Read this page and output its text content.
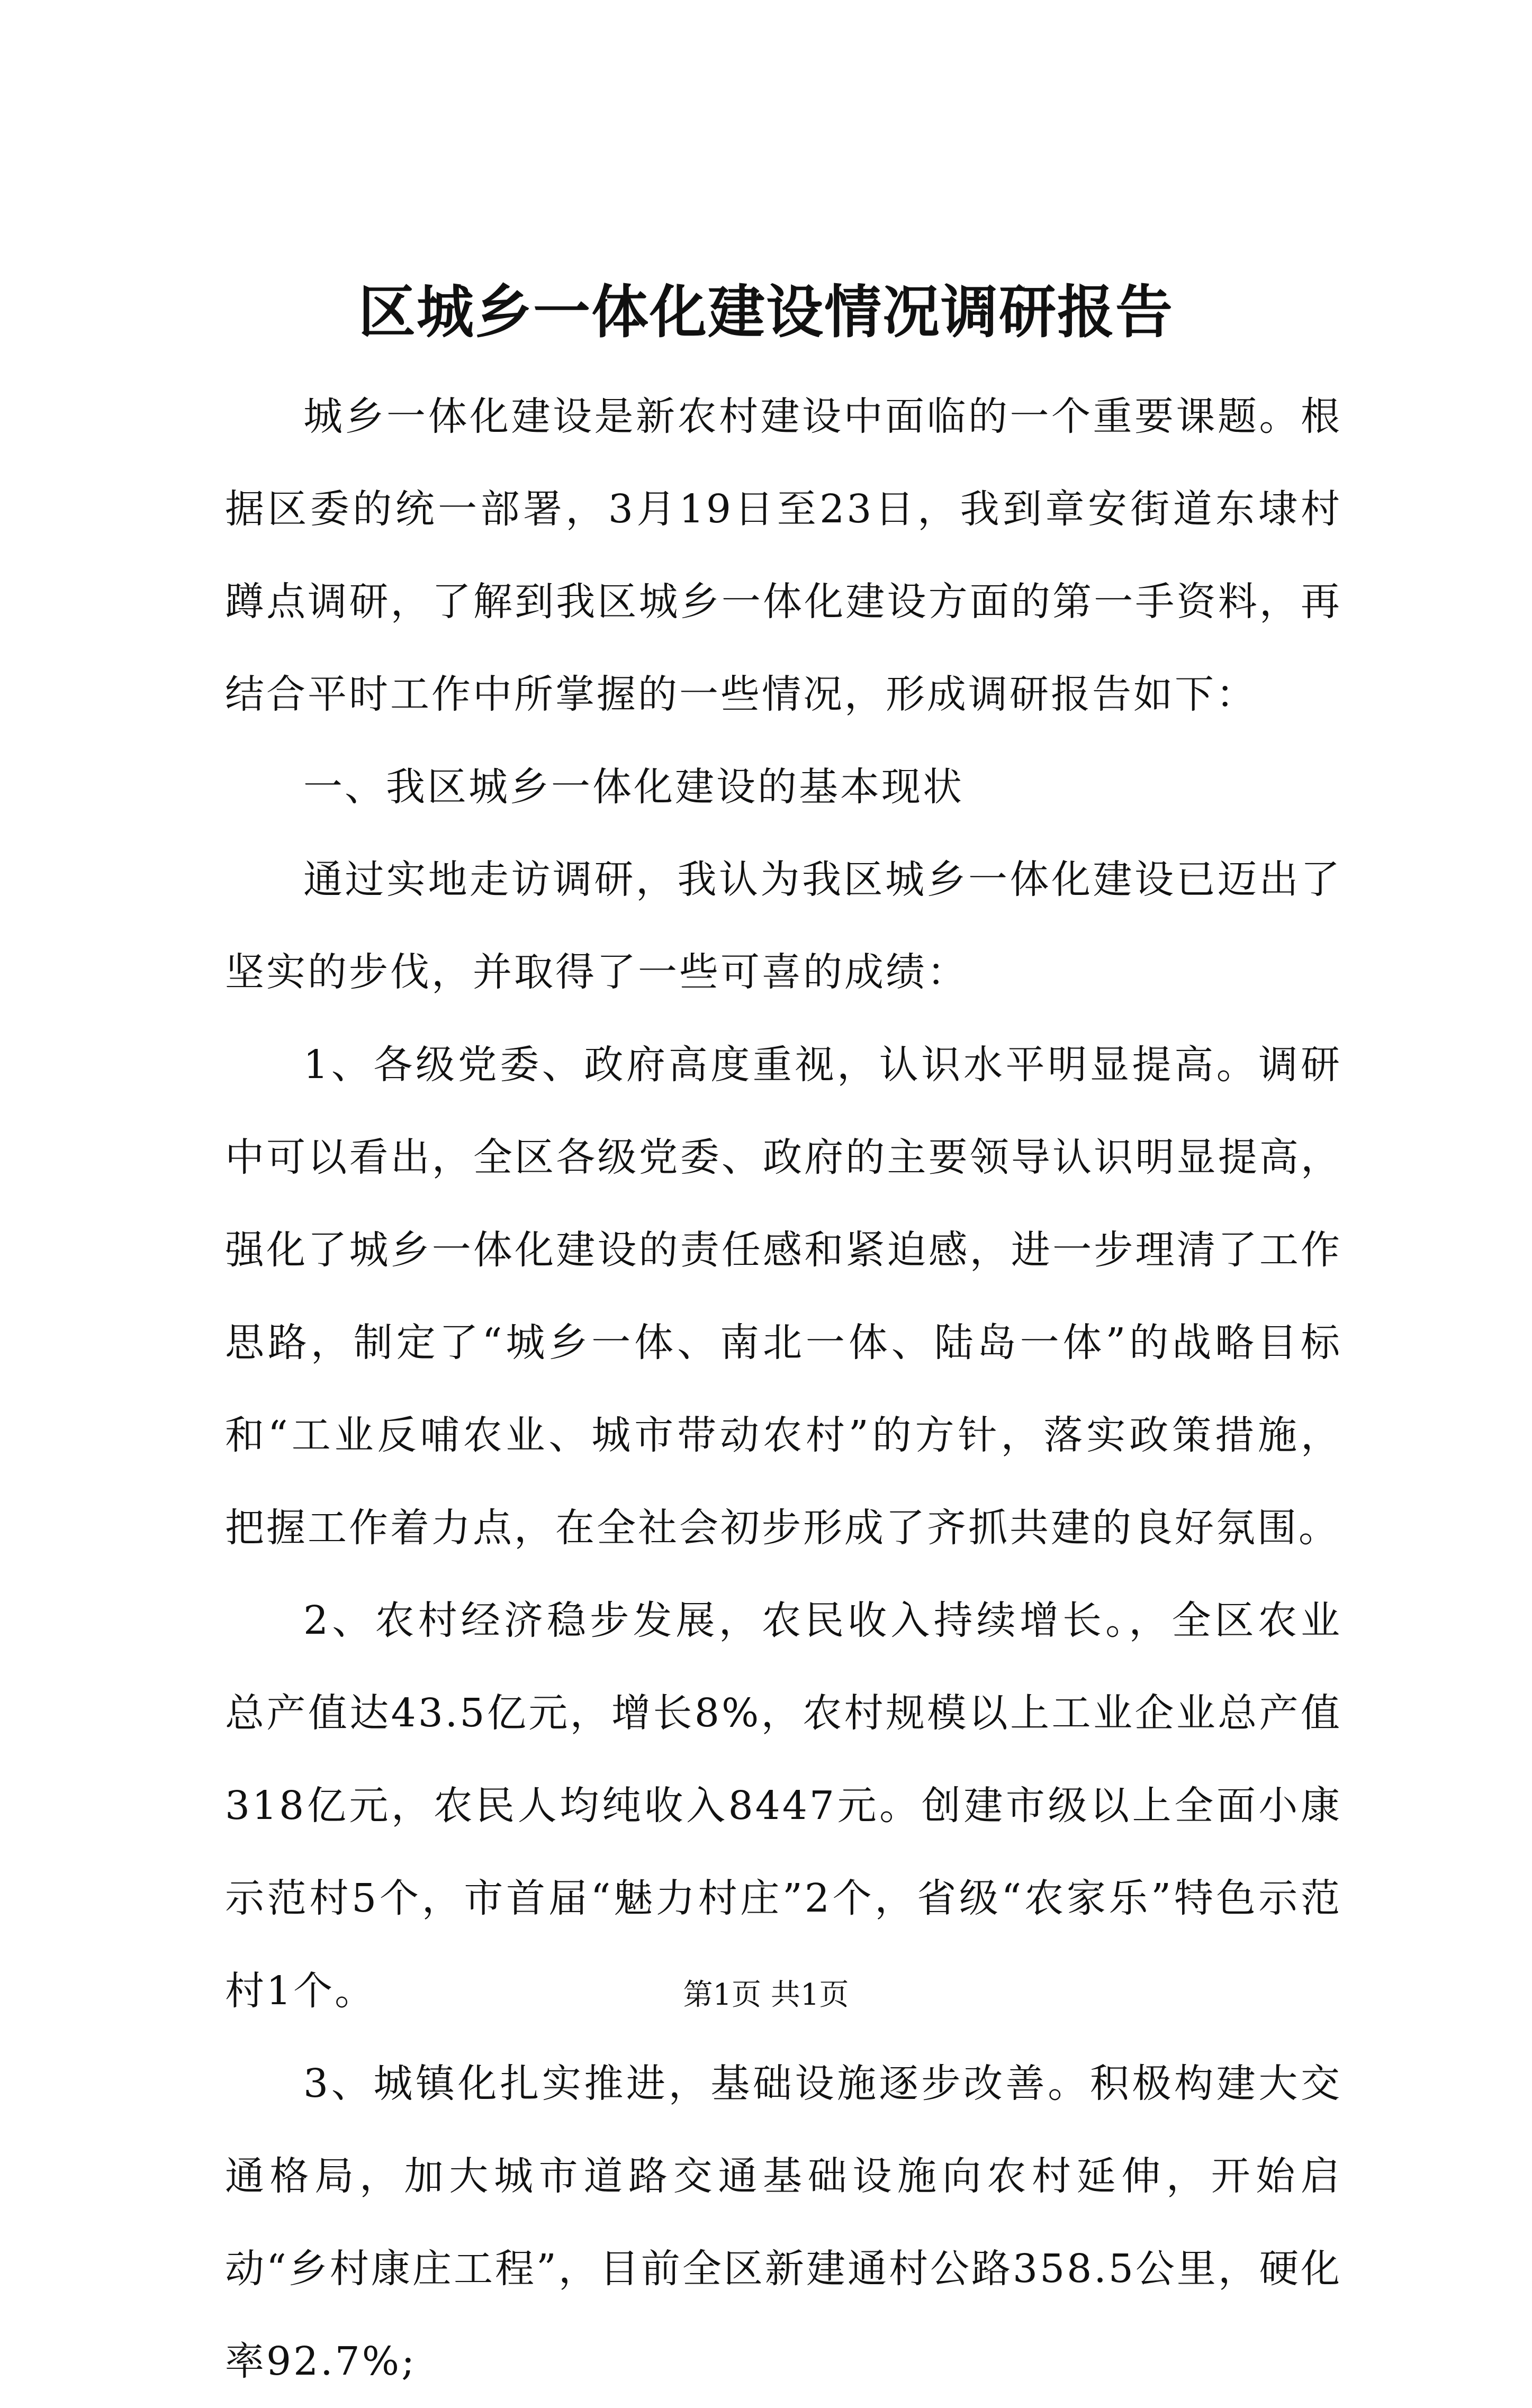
区城乡一体化建设情况调研报告

城乡一体化建设是新农村建设中面临的一个重要课题。根据区委的统一部署，3月19日至23日，我到章安街道东埭村蹲点调研，了解到我区城乡一体化建设方面的第一手资料，再结合平时工作中所掌握的一些情况，形成调研报告如下：

一、我区城乡一体化建设的基本现状

通过实地走访调研，我认为我区城乡一体化建设已迈出了坚实的步伐，并取得了一些可喜的成绩：

1、各级党委、政府高度重视，认识水平明显提高。调研中可以看出，全区各级党委、政府的主要领导认识明显提高，强化了城乡一体化建设的责任感和紧迫感，进一步理清了工作思路，制定了“城乡一体、南北一体、陆岛一体”的战略目标和“工业反哺农业、城市带动农村”的方针，落实政策措施，把握工作着力点，在全社会初步形成了齐抓共建的良好氛围。

2、农村经济稳步发展，农民收入持续增长。，全区农业总产值达43.5亿元，增长8%，农村规模以上工业企业总产值318亿元，农民人均纯收入8447元。创建市级以上全面小康示范村5个，市首届“魅力村庄”2个，省级“农家乐”特色示范村1个。

3、城镇化扎实推进，基础设施逐步改善。积极构建大交通格局，加大城市道路交通基础设施向农村延伸，开始启动“乡村康庄工程”，目前全区新建通村公路358.5公里，硬化率92.7%;

第1页 共1页
